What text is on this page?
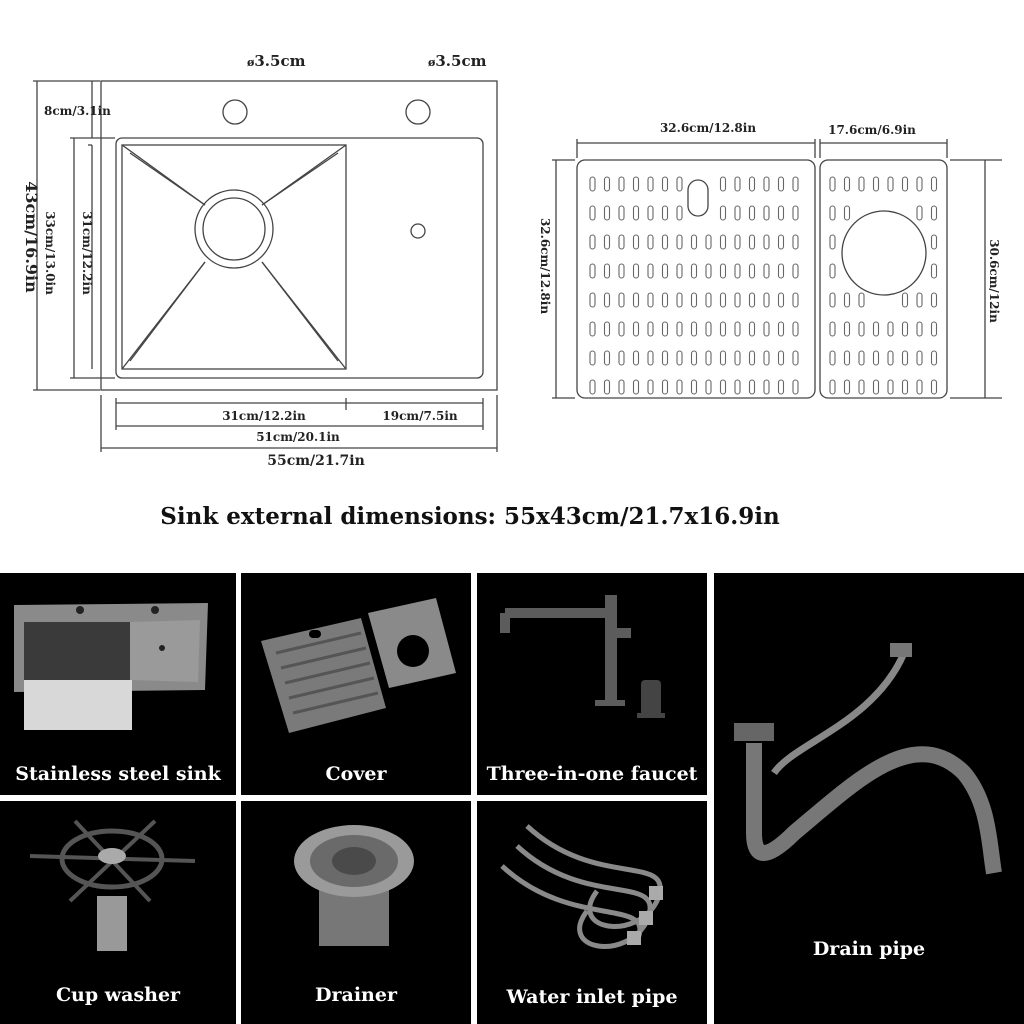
ø3.5cm	ø3.5cm
8cm/3.1in
43cm/16.9in 33cm/13.0in 31cm/12.2in
31cm/12.2in	19cm/7.5in
51cm/20.1in
55cm/21.7in
32.6cm/12.8in	17.6cm/6.9in
32.6cm/12.8in	30.6cm/12in
Sink external dimensions: 55x43cm/21.7x16.9in
Stainless steel sink	Cover	Three-in-one faucet
Drain pipe
Cup washer	Drainer	Water inlet pipe
